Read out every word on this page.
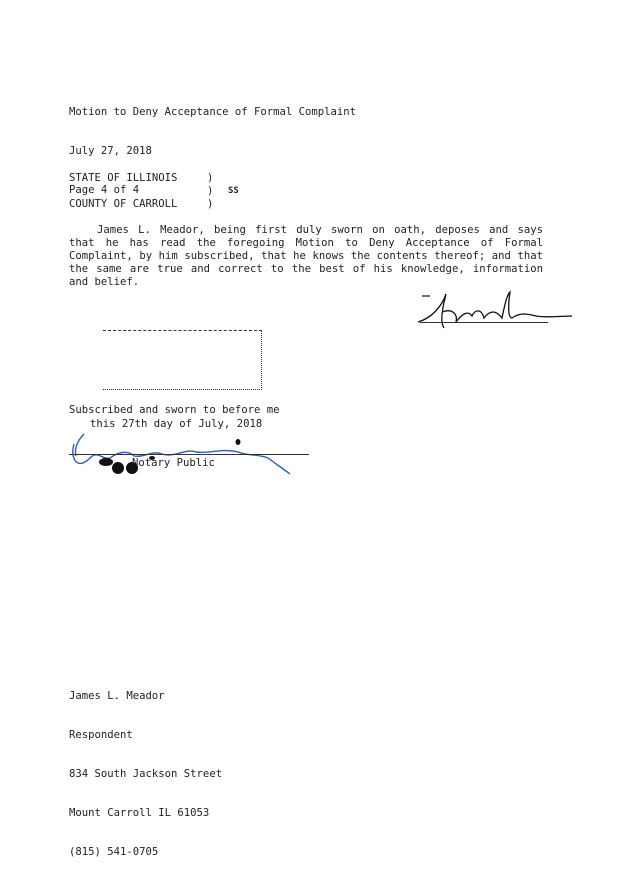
Motion to Deny Acceptance of Formal Complaint

July 27, 2018

Page 4 of 4

STATE OF ILLINOIS	)
)
)
SS
COUNTY OF CARROLL

James L. Meador, being first duly sworn on oath, deposes and says that he has read the foregoing Motion to Deny Acceptance of Formal Complaint, by him subscribed, that he knows the contents thereof; and that the same are true and correct to the best of his knowledge, information and belief.

Subscribed and sworn to before me
this 27th day of July, 2018
Notary Public

James L. Meador

Respondent

834 South Jackson Street

Mount Carroll IL 61053

(815) 541-0705
